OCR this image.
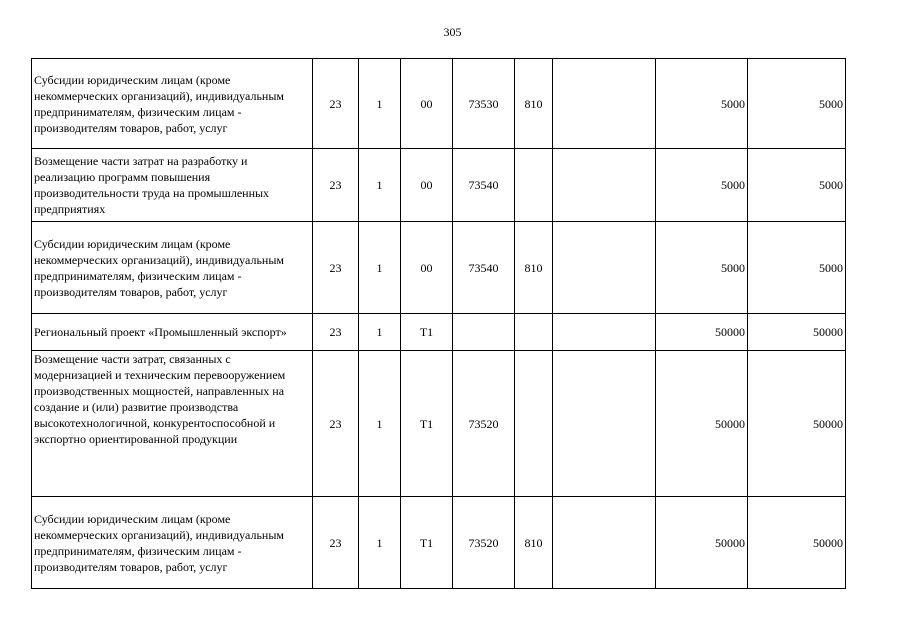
305
Субсидии юридическим лицам (кроме некоммерческих организаций), индивидуальным предпринимателям, физическим лицам - производителям товаров, работ, услуг	23	1	00	73530	810		5000	5000
Возмещение части затрат на разработку и реализацию программ повышения производительности труда на промышленных предприятиях	23	1	00	73540			5000	5000
Субсидии юридическим лицам (кроме некоммерческих организаций), индивидуальным предпринимателям, физическим лицам - производителям товаров, работ, услуг	23	1	00	73540	810		5000	5000
Региональный проект «Промышленный экспорт»	23	1	Т1				50000	50000
Возмещение части затрат, связанных с модернизацией и техническим перевооружением производственных мощностей, направленных на создание и (или) развитие производства высокотехнологичной, конкурентоспособной и экспортно ориентированной продукции	23	1	Т1	73520			50000	50000
Субсидии юридическим лицам (кроме некоммерческих организаций), индивидуальным предпринимателям, физическим лицам - производителям товаров, работ, услуг	23	1	Т1	73520	810		50000	50000
